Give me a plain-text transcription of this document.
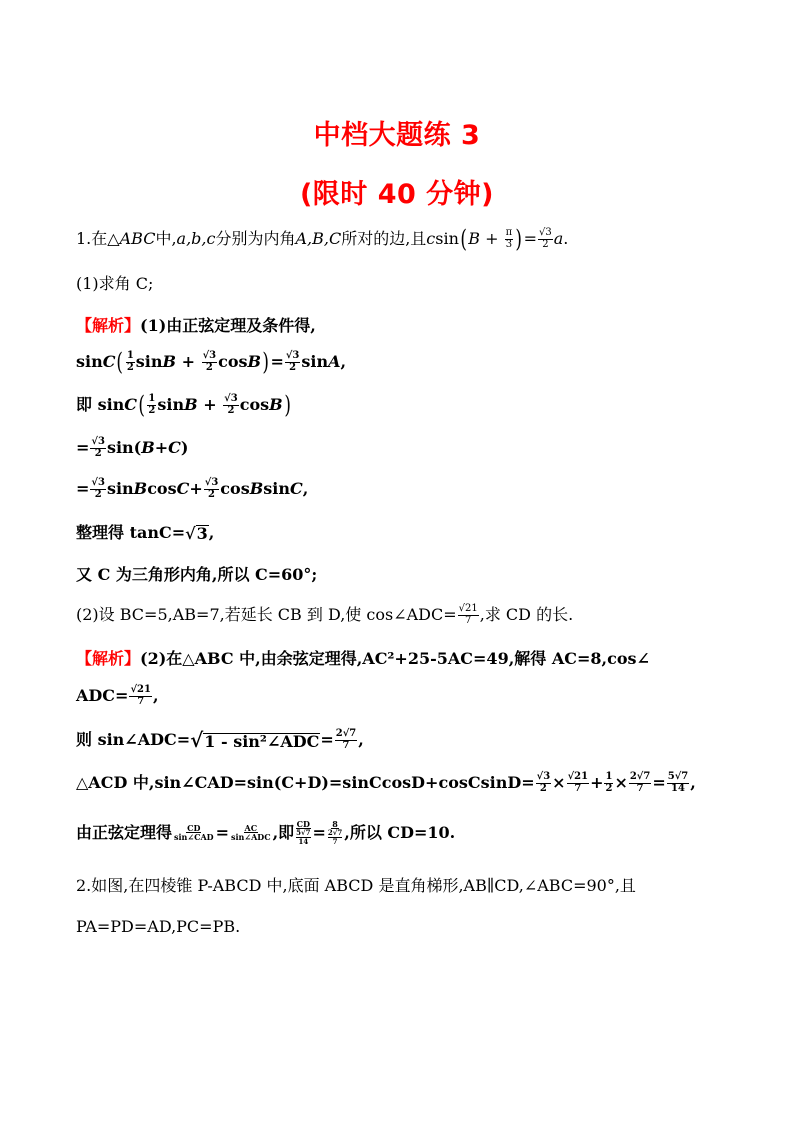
中档大题练 3
(限时 40 分钟)
1.在△ ABC 中, a,b,c 分别为内角 A,B,C 所对的边,且 c sin ( B
+
$\frac{\pi}{3}$ ) = $\frac{√3}{2}$ a .
(1)求角 C;
【解析】 (1)由正弦定理及条件得,
sin C ( $\frac{1}{2}$ $\sin B + \frac{√3}{2}$ cos B ) = $\frac{√3}{2}$ sin A ,
即 sin C ( $\frac{1}{2}$ $\sin B + \frac{√3}{2}$ cos B )
= $\frac{√3}{2} \sin$( B + C )
= $\frac{√3}{2}$ sin B $\cos C + \frac{√3}{2}$ cos B sin C ,
整理得 tanC= √ 3 ,
又 C 为三角形内角,所以 C=60°;
(2)设 BC=5,AB=7,若延长 CB 到 D,使 cos∠ADC= $\frac{√21}{7}$ ,求 CD 的长.
【解析】 (2)在△ABC 中,由余弦定理得,AC²+25-5AC=49,解得 AC=8,cos∠
$ADC= \frac{√21}{7}$ ,
则 sin∠ADC= √ 1 - sin²∠ADC = $\frac{2√7}{7}$ ,
△ACD 中,sin∠CAD=sin(C+D)=sinCcosD+cosCsinD= $\frac{√3}{2} \times \frac{√21}{7} + \frac{1}{2} \times \frac{2√7}{7} = \frac{5√7}{14}$ ,
由正弦定理得 $\frac{CD}{\text{sin∠CAD}} = \frac{AC}{\text{sin∠ADC}}$ ,即 CD
5√7
14 = 8
2√7
7 ,所以 CD=10.
2.如图,在四棱锥 P-ABCD 中,底面 ABCD 是直角梯形,AB∥CD,∠ABC=90°,且
PA=PD=AD,PC=PB.
